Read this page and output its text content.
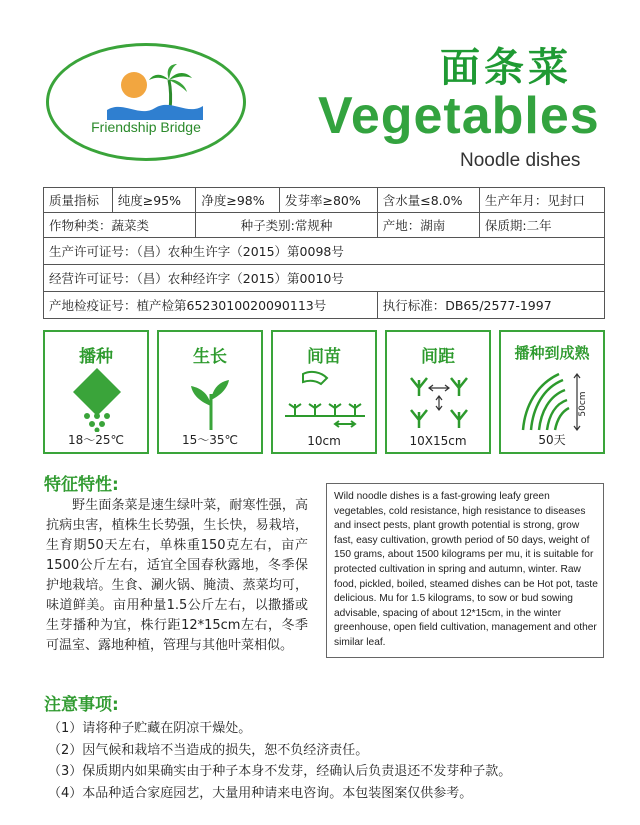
Friendship Bridge
面条菜
Vegetables
Noodle dishes
质量指标	纯度≥95%	净度≥98%	发芽率≥80%	含水量≤8.0%	生产年月：见封口
作物种类：蔬菜类		种子类别:常规种		产地：湖南	保质期:二年
生产许可证号：（昌）农种生许字（2015）第0098号					
经营许可证号：（昌）农种经许字（2015）第0010号					
产地检疫证号：植产检第6523010020090113号				执行标准：DB65/2577-1997	
播种
18～25℃
生长
15～35℃
间苗
10cm
间距
10X15cm
播种到成熟
50cm
50天
特征特性:
野生面条菜是速生绿叶菜，耐寒性强，高抗病虫害，植株生长势强，生长快，易栽培，生育期50天左右，单株重150克左右，亩产1500公斤左右，适宜全国春秋露地，冬季保护地栽培。生食、涮火锅、腌渍、蒸菜均可，味道鲜美。亩用种量1.5公斤左右，以撒播或生芽播种为宜，株行距12*15cm左右，冬季可温室、露地种植，管理与其他叶菜相似。
Wild noodle dishes is a fast-growing leafy green vegetables, cold resistance, high resistance to diseases and insect pests, plant growth potential is strong, grow fast, easy cultivation, growth period of 50 days, weight of 150 grams, about 1500 kilograms per mu, it is suitable for protected cultivation in spring and autumn, winter. Raw food, pickled, boiled, steamed dishes can be Hot pot, taste delicious. Mu for 1.5 kilograms, to sow or bud sowing advisable, spacing of about 12*15cm, in the winter greenhouse, open field cultivation, management and other similar leaf.
注意事项:
（1）请将种子贮藏在阴凉干燥处。
（2）因气候和栽培不当造成的损失，恕不负经济责任。
（3）保质期内如果确实由于种子本身不发芽，经确认后负责退还不发芽种子款。
（4）本品种适合家庭园艺，大量用种请来电咨询。本包装图案仅供参考。
